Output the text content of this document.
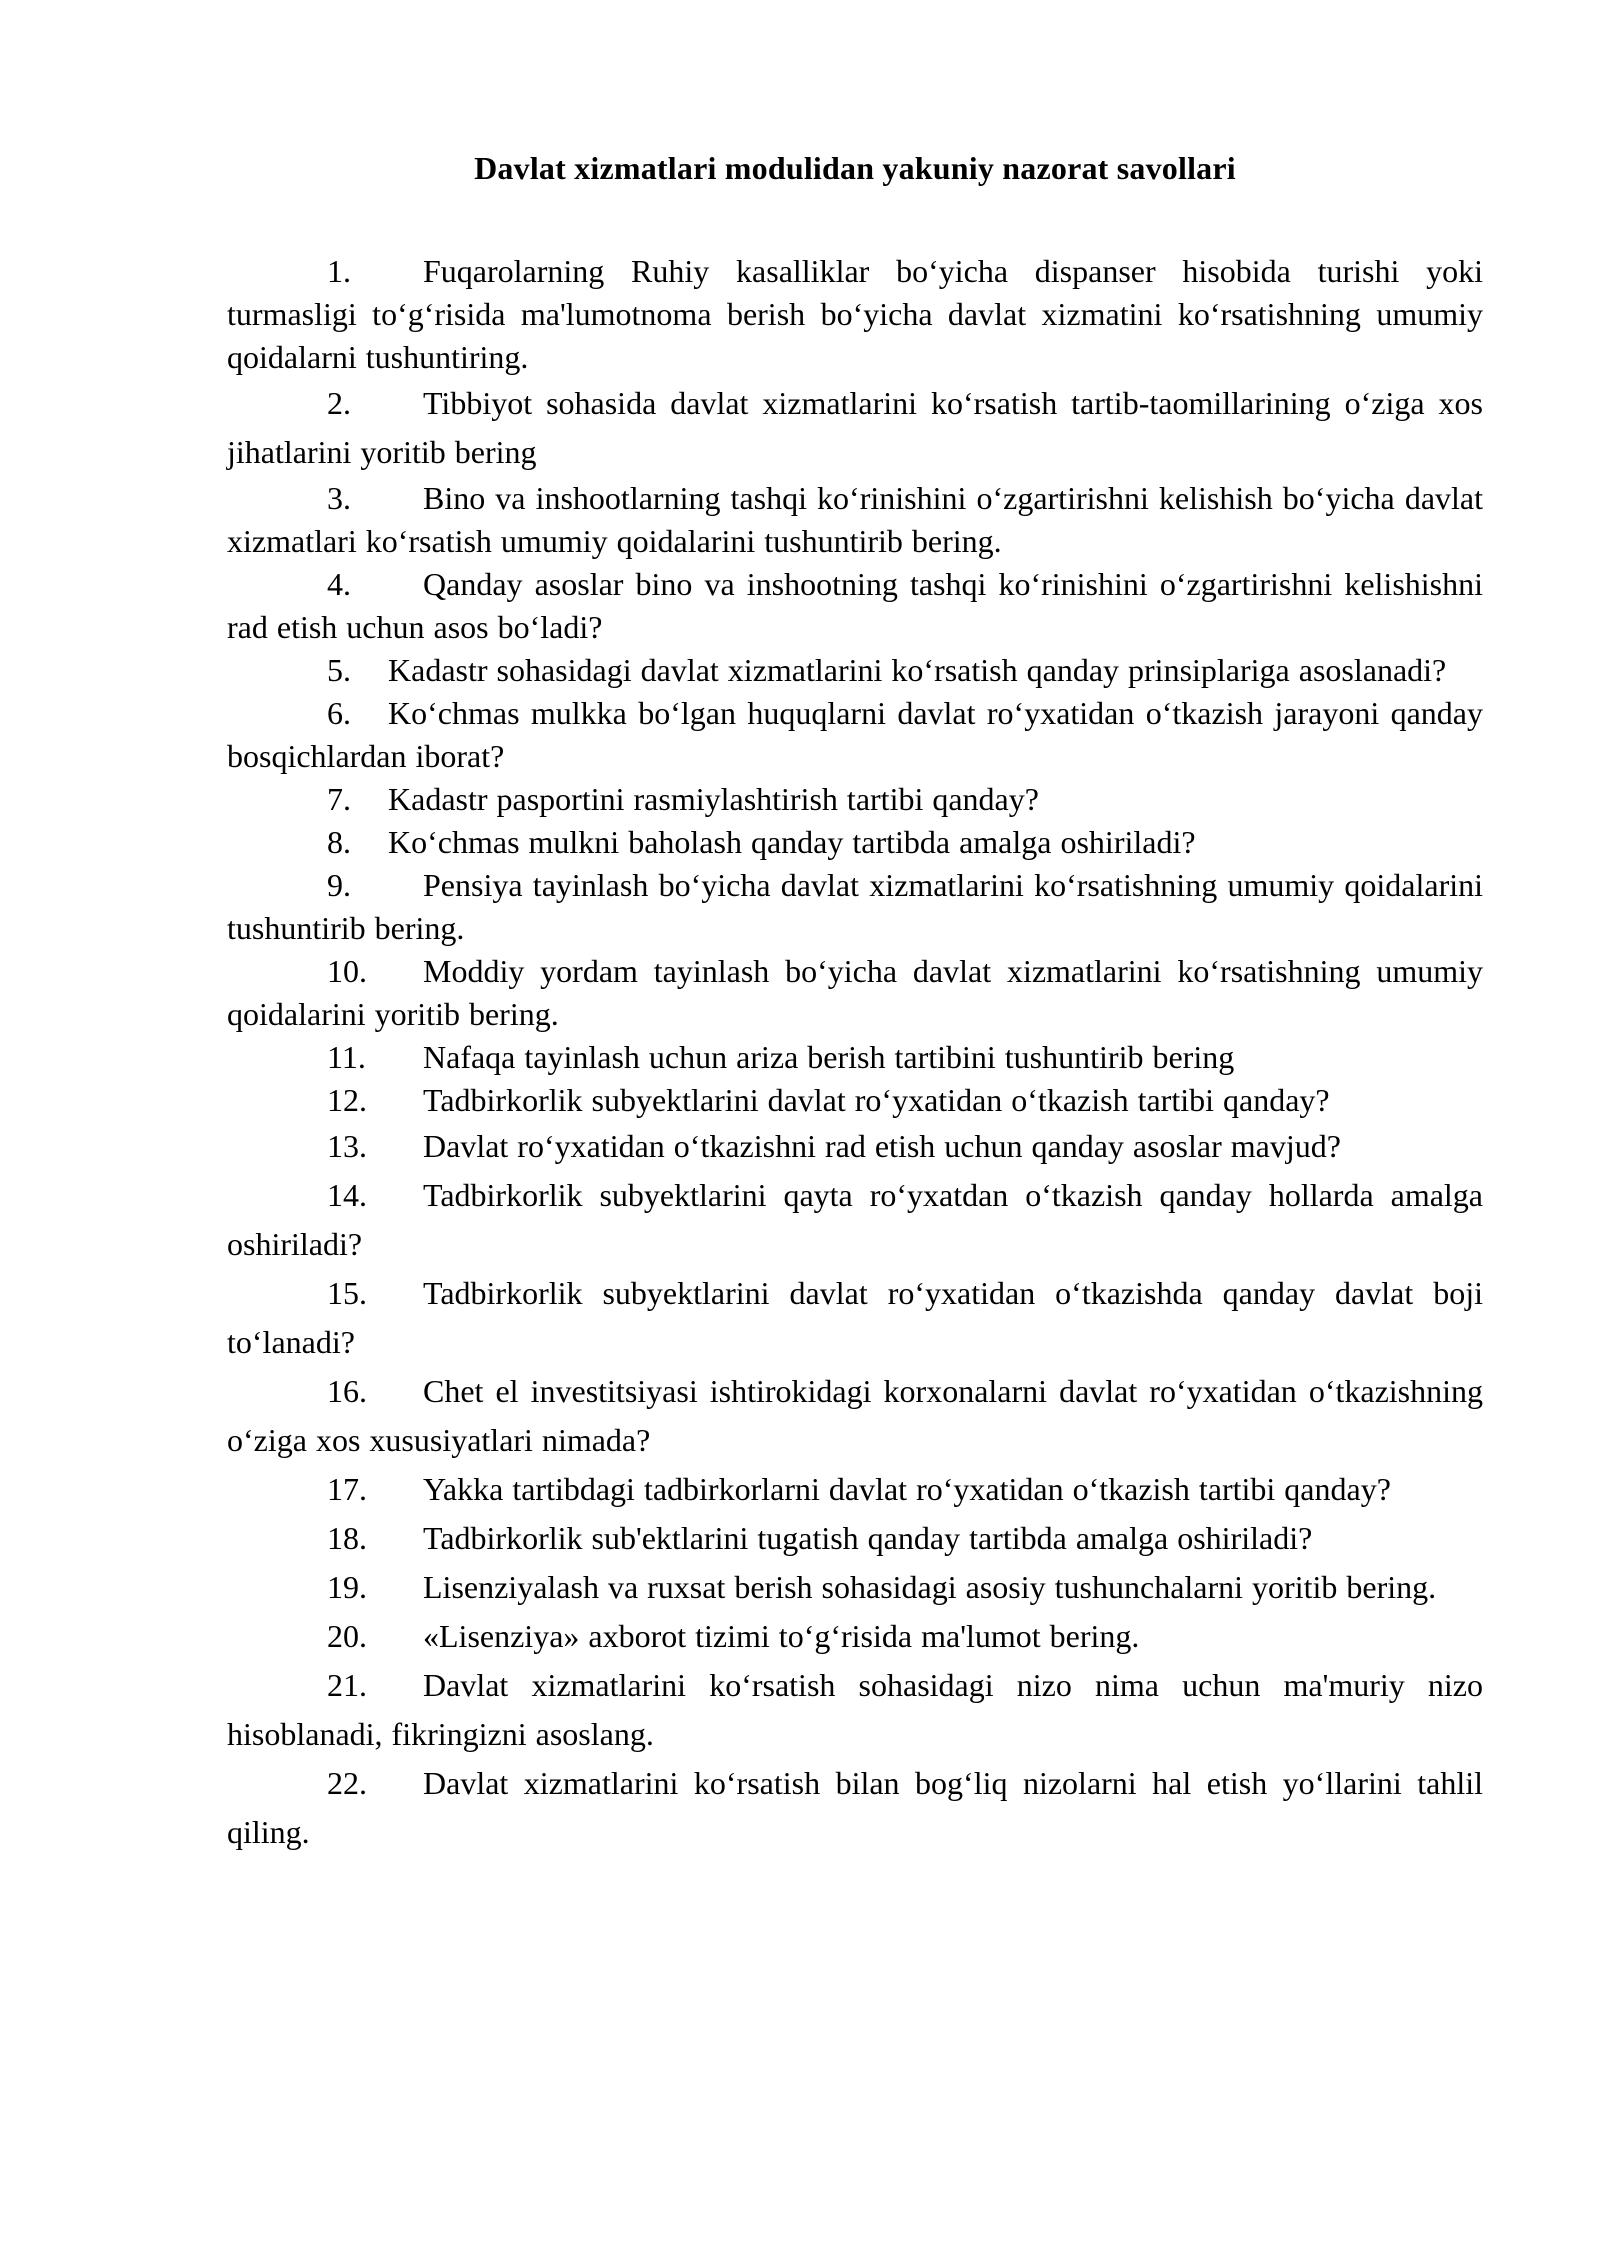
Davlat xizmatlari modulidan yakuniy nazorat savollari

1. Fuqarolarning Ruhiy kasalliklar boʻyicha dispanser hisobida turishi yoki turmasligi toʻgʻrisida ma'lumotnoma berish boʻyicha davlat xizmatini koʻrsatishning umumiy qoidalarni tushuntiring.

2. Tibbiyot sohasida davlat xizmatlarini koʻrsatish tartib-taomillarining oʻziga xos jihatlarini yoritib bering

3. Bino va inshootlarning tashqi koʻrinishini oʻzgartirishni kelishish boʻyicha davlat xizmatlari koʻrsatish umumiy qoidalarini tushuntirib bering.

4. Qanday asoslar bino va inshootning tashqi koʻrinishini oʻzgartirishni kelishishni rad etish uchun asos boʻladi?

5. Kadastr sohasidagi davlat xizmatlarini koʻrsatish qanday prinsiplariga asoslanadi?

6. Koʻchmas mulkka boʻlgan huquqlarni davlat roʻyxatidan oʻtkazish jarayoni qanday bosqichlardan iborat?

7. Kadastr pasportini rasmiylashtirish tartibi qanday?

8. Koʻchmas mulkni baholash qanday tartibda amalga oshiriladi?

9. Pensiya tayinlash boʻyicha davlat xizmatlarini koʻrsatishning umumiy qoidalarini tushuntirib bering.

10. Moddiy yordam tayinlash boʻyicha davlat xizmatlarini koʻrsatishning umumiy qoidalarini yoritib bering.

11. Nafaqa tayinlash uchun ariza berish tartibini tushuntirib bering

12. Tadbirkorlik subyektlarini davlat roʻyxatidan oʻtkazish tartibi qanday?

13. Davlat roʻyxatidan oʻtkazishni rad etish uchun qanday asoslar mavjud?

14. Tadbirkorlik subyektlarini qayta roʻyxatdan oʻtkazish qanday hollarda amalga oshiriladi?

15. Tadbirkorlik subyektlarini davlat roʻyxatidan oʻtkazishda qanday davlat boji toʻlanadi?

16. Chet el investitsiyasi ishtirokidagi korxonalarni davlat roʻyxatidan oʻtkazishning oʻziga xos xususiyatlari nimada?

17. Yakka tartibdagi tadbirkorlarni davlat roʻyxatidan oʻtkazish tartibi qanday?

18. Tadbirkorlik sub'ektlarini tugatish qanday tartibda amalga oshiriladi?

19. Lisenziyalash va ruxsat berish sohasidagi asosiy tushunchalarni yoritib bering.

20. «Lisenziya» axborot tizimi toʻgʻrisida ma'lumot bering.

21. Davlat xizmatlarini koʻrsatish sohasidagi nizo nima uchun ma'muriy nizo hisoblanadi, fikringizni asoslang.

22. Davlat xizmatlarini koʻrsatish bilan bogʻliq nizolarni hal etish yoʻllarini tahlil qiling.
